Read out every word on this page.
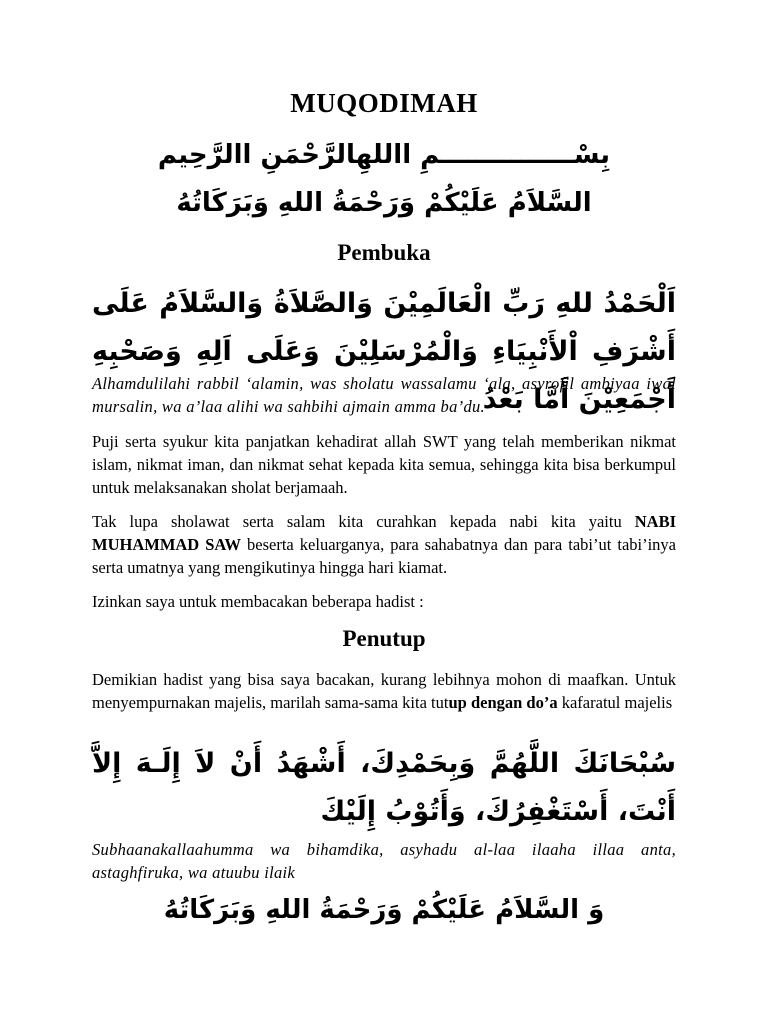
MUQODIMAH
بِسْـــــــــــــــمِ االلهِالرَّحْمَنِ االرَّحِيم
السَّلاَمُ عَلَيْكُمْ وَرَحْمَةُ اللهِ وَبَرَكَاتُهُ
Pembuka
اَلْحَمْدُ للهِ رَبِّ الْعَالَمِيْنَ وَالصَّلاَةُ وَالسَّلاَمُ عَلَى أَشْرَفِ اْلأَنْبِيَاءِ وَالْمُرْسَلِيْنَ وَعَلَى اَلِهِ وَصَحْبِهِ أَجْمَعِيْنَ أَمَّا بَعْدُ
Alhamdulilahi rabbil ‘alamin, was sholatu wassalamu ‘ala, asyrofil ambiyaa iwal mursalin, wa a’laa alihi wa sahbihi ajmain amma ba’du.
Puji serta syukur kita panjatkan kehadirat allah SWT yang telah memberikan nikmat islam, nikmat iman, dan nikmat sehat kepada kita semua, sehingga kita bisa berkumpul untuk melaksanakan sholat berjamaah.
Tak lupa sholawat serta salam kita curahkan kepada nabi kita yaitu NABI MUHAMMAD SAW beserta keluarganya, para sahabatnya dan para tabi’ut tabi’inya serta umatnya yang mengikutinya hingga hari kiamat.
Izinkan saya untuk membacakan beberapa hadist :
Penutup
Demikian hadist yang bisa saya bacakan, kurang lebihnya mohon di maafkan. Untuk menyempurnakan majelis, marilah sama-sama kita tutup dengan do’a kafaratul majelis
سُبْحَانَكَ اللَّهُمَّ وَبِحَمْدِكَ، أَشْهَدُ أَنْ لاَ إِلَـهَ إِلاَّ أَنْتَ، أَسْتَغْفِرُكَ، وَأَتُوْبُ إِلَيْكَ
Subhaanakallaahumma wa bihamdika, asyhadu al-laa ilaaha illaa anta, astaghfiruka, wa atuubu ilaik
وَ السَّلاَمُ عَلَيْكُمْ وَرَحْمَةُ اللهِ وَبَرَكَاتُهُ
